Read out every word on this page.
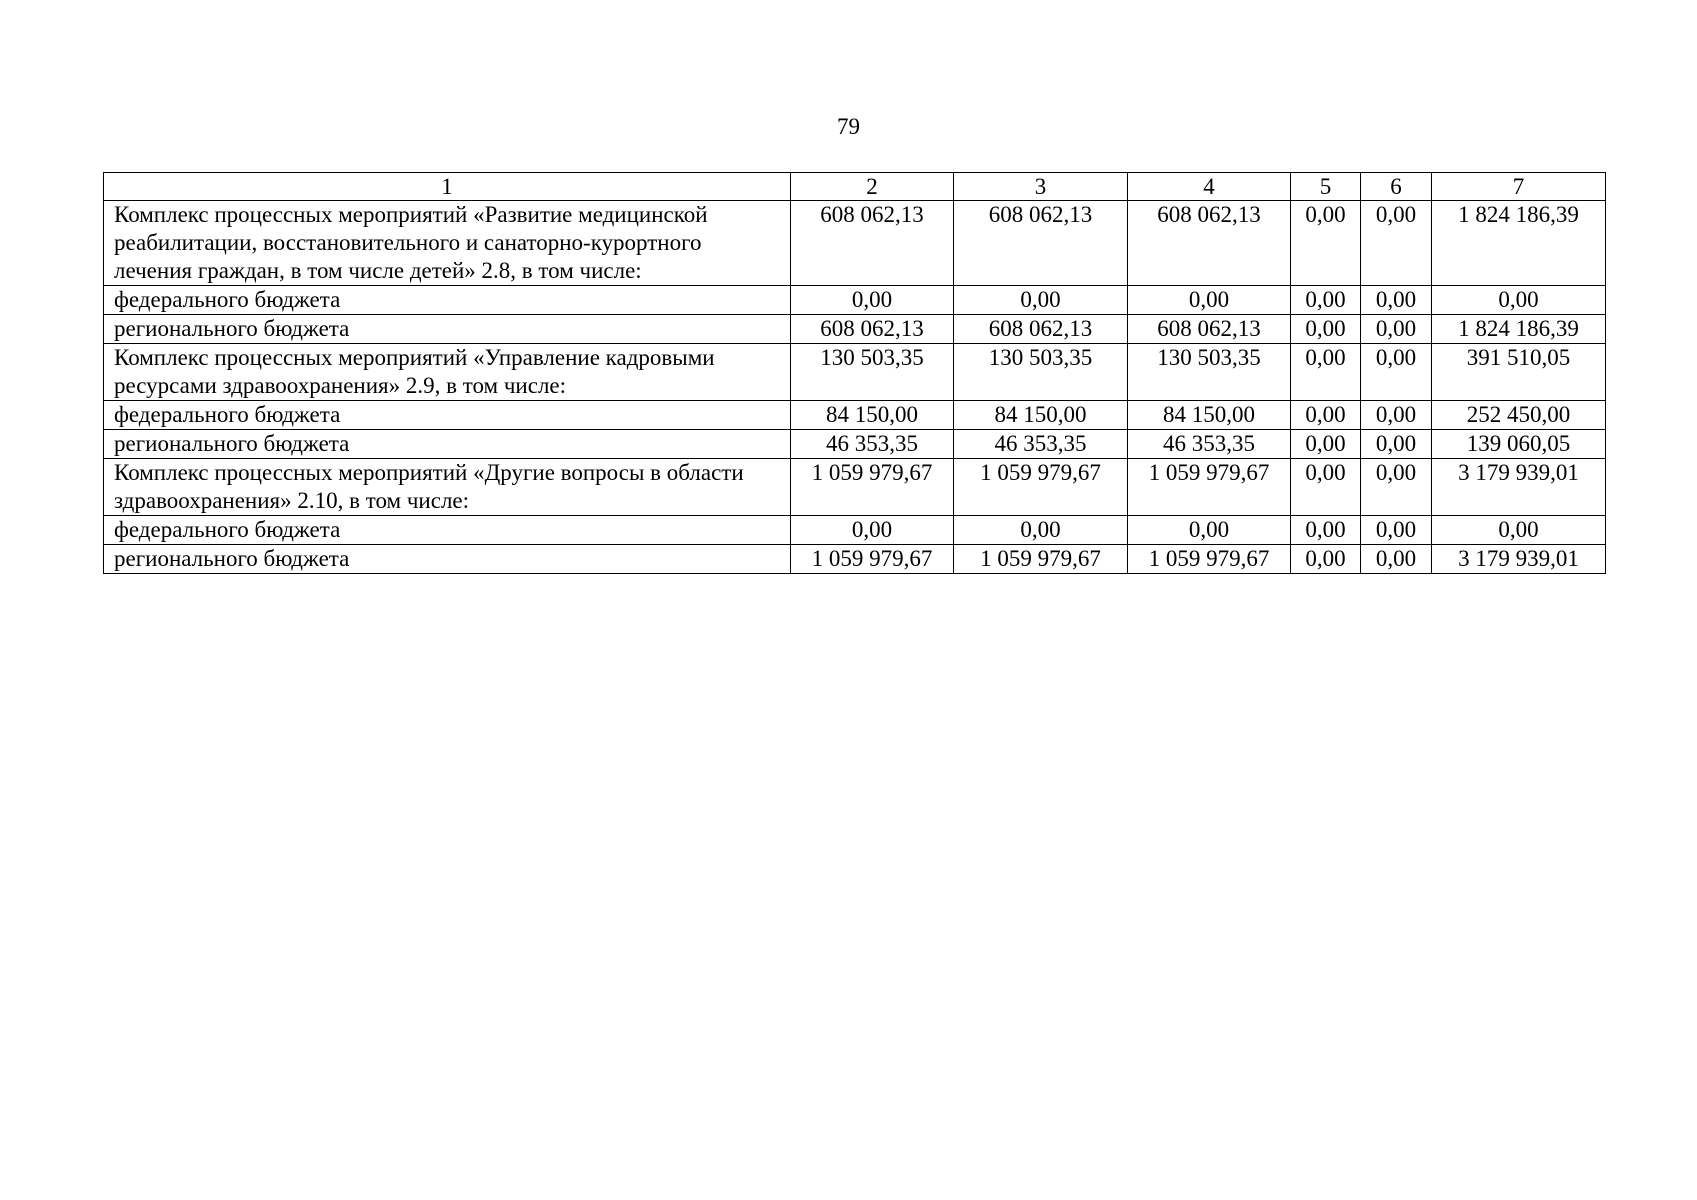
79
1	2	3	4	5	6	7
Комплекс процессных мероприятий «Развитие медицинской реабилитации, восстановительного и санаторно-курортного лечения граждан, в том числе детей» 2.8, в том числе:	608 062,13	608 062,13	608 062,13	0,00	0,00	1 824 186,39
федерального бюджета	0,00	0,00	0,00	0,00	0,00	0,00
регионального бюджета	608 062,13	608 062,13	608 062,13	0,00	0,00	1 824 186,39
Комплекс процессных мероприятий «Управление кадровыми ресурсами здравоохранения» 2.9, в том числе:	130 503,35	130 503,35	130 503,35	0,00	0,00	391 510,05
федерального бюджета	84 150,00	84 150,00	84 150,00	0,00	0,00	252 450,00
регионального бюджета	46 353,35	46 353,35	46 353,35	0,00	0,00	139 060,05
Комплекс процессных мероприятий «Другие вопросы в области здравоохранения» 2.10, в том числе:	1 059 979,67	1 059 979,67	1 059 979,67	0,00	0,00	3 179 939,01
федерального бюджета	0,00	0,00	0,00	0,00	0,00	0,00
регионального бюджета	1 059 979,67	1 059 979,67	1 059 979,67	0,00	0,00	3 179 939,01
